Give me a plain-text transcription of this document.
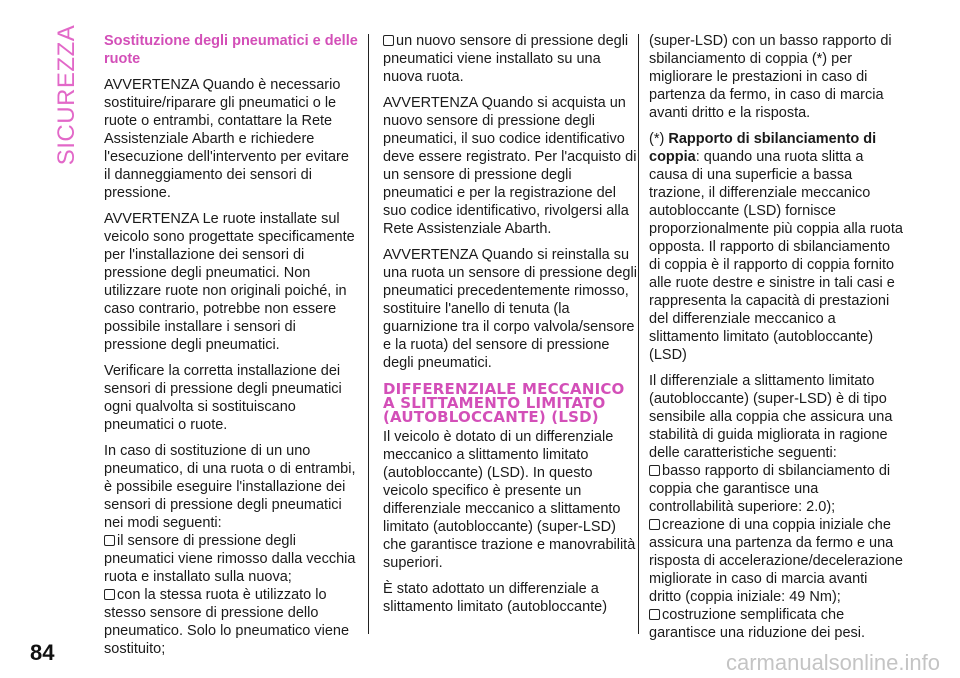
SICUREZZA Sostituzione degli pneumatici e delle ruote

AVVERTENZA Quando è necessario sostituire/riparare gli pneumatici o le ruote o entrambi, contattare la Rete Assistenziale Abarth e richiedere l'esecuzione dell'intervento per evitare il danneggiamento dei sensori di pressione.

AVVERTENZA Le ruote installate sul veicolo sono progettate specificamente per l'installazione dei sensori di pressione degli pneumatici. Non utilizzare ruote non originali poiché, in caso contrario, potrebbe non essere possibile installare i sensori di pressione degli pneumatici.

Verificare la corretta installazione dei sensori di pressione degli pneumatici ogni qualvolta si sostituiscano pneumatici o ruote.

In caso di sostituzione di un uno pneumatico, di una ruota o di entrambi, è possibile eseguire l'installazione dei sensori di pressione degli pneumatici nei modi seguenti:

il sensore di pressione degli pneumatici viene rimosso dalla vecchia ruota e installato sulla nuova;

con la stessa ruota è utilizzato lo stesso sensore di pressione dello pneumatico. Solo lo pneumatico viene sostituito;

un nuovo sensore di pressione degli pneumatici viene installato su una nuova ruota.

AVVERTENZA Quando si acquista un nuovo sensore di pressione degli pneumatici, il suo codice identificativo deve essere registrato. Per l'acquisto di un sensore di pressione degli pneumatici e per la registrazione del suo codice identificativo, rivolgersi alla Rete Assistenziale Abarth.

AVVERTENZA Quando si reinstalla su una ruota un sensore di pressione degli pneumatici precedentemente rimosso, sostituire l'anello di tenuta (la guarnizione tra il corpo valvola/sensore e la ruota) del sensore di pressione degli pneumatici.

DIFFERENZIALE MECCANICO A SLITTAMENTO LIMITATO (AUTOBLOCCANTE) (LSD)

Il veicolo è dotato di un differenziale meccanico a slittamento limitato (autobloccante) (LSD). In questo veicolo specifico è presente un differenziale meccanico a slittamento limitato (autobloccante) (super-LSD) che garantisce trazione e manovrabilità superiori.

È stato adottato un differenziale a slittamento limitato (autobloccante)

(super-LSD) con un basso rapporto di sbilanciamento di coppia (*) per migliorare le prestazioni in caso di partenza da fermo, in caso di marcia avanti dritto e la risposta.

(*) Rapporto di sbilanciamento di coppia: quando una ruota slitta a causa di una superficie a bassa trazione, il differenziale meccanico autobloccante (LSD) fornisce proporzionalmente più coppia alla ruota opposta. Il rapporto di sbilanciamento di coppia è il rapporto di coppia fornito alle ruote destre e sinistre in tali casi e rappresenta la capacità di prestazioni del differenziale meccanico a slittamento limitato (autobloccante) (LSD)

Il differenziale a slittamento limitato (autobloccante) (super-LSD) è di tipo sensibile alla coppia che assicura una stabilità di guida migliorata in ragione delle caratteristiche seguenti:

basso rapporto di sbilanciamento di coppia che garantisce una controllabilità superiore: 2.0);

creazione di una coppia iniziale che assicura una partenza da fermo e una risposta di accelerazione/decelerazione migliorate in caso di marcia avanti dritto (coppia iniziale: 49 Nm);

costruzione semplificata che garantisce una riduzione dei pesi.

84	carmanualsonline.info
